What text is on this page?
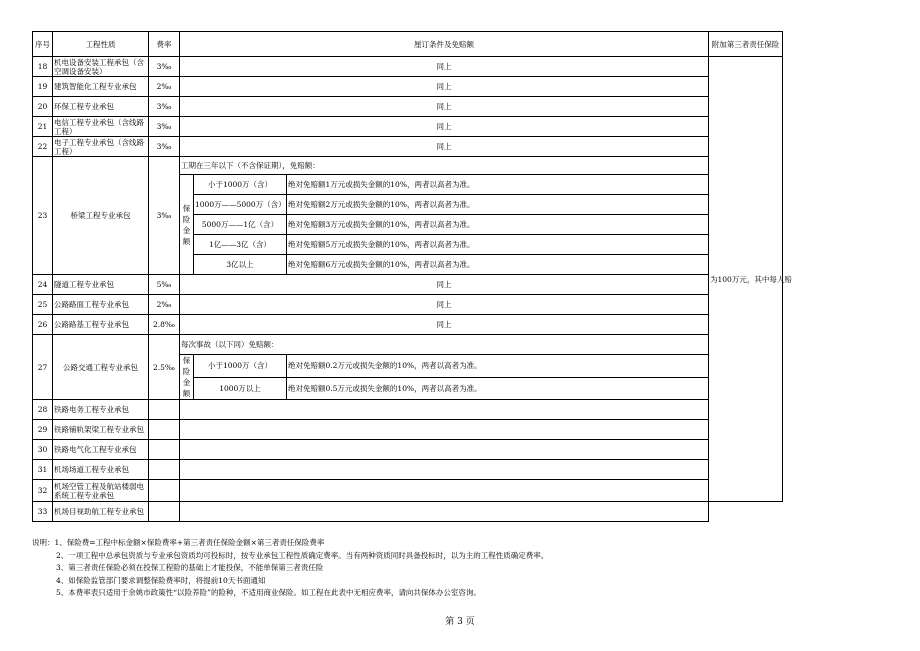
序号	工程性质	费率	厘订条件及免赔额			附加第三者责任保险
18	机电设备安装工程承包（含空调设备安装）	3‰	同上			为100万元，其中每人赔
19	建筑智能化工程专业承包	2‰	同上			
20	环保工程专业承包	3‰	同上			
21	电信工程专业承包（含线路工程）	3‰	同上			
22	电子工程专业承包（含线路工程）	3‰	同上			
23	桥梁工程专业承包	3‰	工期在三年以下（不含保证期），免赔额：			
			保险金额	小于1000万（含）	绝对免赔额1万元或损失金额的10%，两者以高者为准。	
				1000万——5000万（含）	绝对免赔额2万元或损失金额的10%，两者以高者为准。	
				5000万——1亿（含）	绝对免赔额3万元或损失金额的10%，两者以高者为准。	
				1亿——3亿（含）	绝对免赔额5万元或损失金额的10%，两者以高者为准。	
				3亿以上	绝对免赔额6万元或损失金额的10%，两者以高者为准。	
24	隧道工程专业承包	5‰	同上			
25	公路路面工程专业承包	2‰	同上			
26	公路路基工程专业承包	2.8‰	同上			
27	公路交通工程专业承包	2.5‰	每次事故（以下同）免赔额：			
			保险金额	小于1000万（含）	绝对免赔额0.2万元或损失金额的10%，两者以高者为准。	
				1000万以上	绝对免赔额0.5万元或损失金额的10%，两者以高者为准。	
28	铁路电务工程专业承包					
29	铁路铺轨架梁工程专业承包					
30	铁路电气化工程专业承包					
31	机场场道工程专业承包					
32	机场空管工程及航站楼弱电系统工程专业承包					
33	机场目视助航工程专业承包					
说明：1、保险费=工程中标金额×保险费率+第三者责任保险金额×第三者责任保险费率
2、一项工程中总承包资质与专业承包资质均可投标时，按专业承包工程性质确定费率。当有两种资质同时具备投标时，以为主的工程性质确定费率。
3、第三者责任保险必须在投保工程险的基础上才能投保，不能单保第三者责任险
4、如保险监管部门要求调整保险费率时，将提前10天书面通知
5、本费率表只适用于余姚市政策性“以险养险”的险种，不适用商业保险。如工程在此表中无相应费率，请向共保体办公室咨询。
第 3 页
